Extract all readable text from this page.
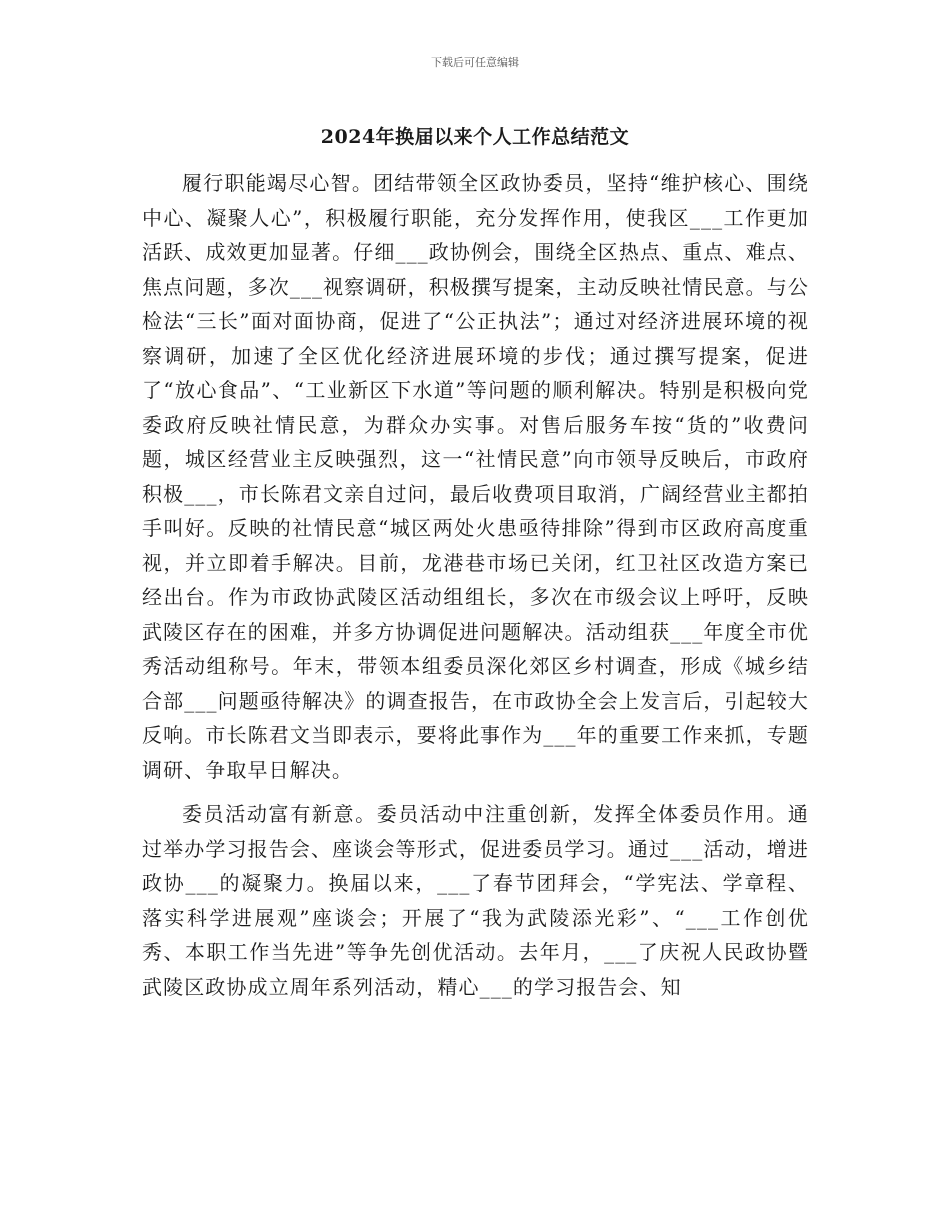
下载后可任意编辑
2024年换届以来个人工作总结范文

履行职能竭尽心智。团结带领全区政协委员，坚持“维护核心、围绕中心、凝聚人心”，积极履行职能，充分发挥作用，使我区___工作更加活跃、成效更加显著。仔细___政协例会，围绕全区热点、重点、难点、焦点问题，多次___视察调研，积极撰写提案，主动反映社情民意。与公检法“三长”面对面协商，促进了“公正执法”；通过对经济进展环境的视察调研，加速了全区优化经济进展环境的步伐；通过撰写提案，促进了“放心食品”、“工业新区下水道”等问题的顺利解决。特别是积极向党委政府反映社情民意，为群众办实事。对售后服务车按“货的”收费问题，城区经营业主反映强烈，这一“社情民意”向市领导反映后，市政府积极___，市长陈君文亲自过问，最后收费项目取消，广阔经营业主都拍手叫好。反映的社情民意“城区两处火患亟待排除”得到市区政府高度重视，并立即着手解决。目前，龙港巷市场已关闭，红卫社区改造方案已经出台。作为市政协武陵区活动组组长，多次在市级会议上呼吁，反映武陵区存在的困难，并多方协调促进问题解决。活动组获___年度全市优秀活动组称号。年末，带领本组委员深化郊区乡村调查，形成《城乡结合部___问题亟待解决》的调查报告，在市政协全会上发言后，引起较大反响。市长陈君文当即表示，要将此事作为___年的重要工作来抓，专题调研、争取早日解决。

委员活动富有新意。委员活动中注重创新，发挥全体委员作用。通过举办学习报告会、座谈会等形式，促进委员学习。通过___活动，增进政协___的凝聚力。换届以来，___了春节团拜会，“学宪法、学章程、落实科学进展观”座谈会；开展了“我为武陵添光彩”、“___工作创优秀、本职工作当先进”等争先创优活动。去年月，___了庆祝人民政协暨武陵区政协成立周年系列活动，精心___的学习报告会、知
